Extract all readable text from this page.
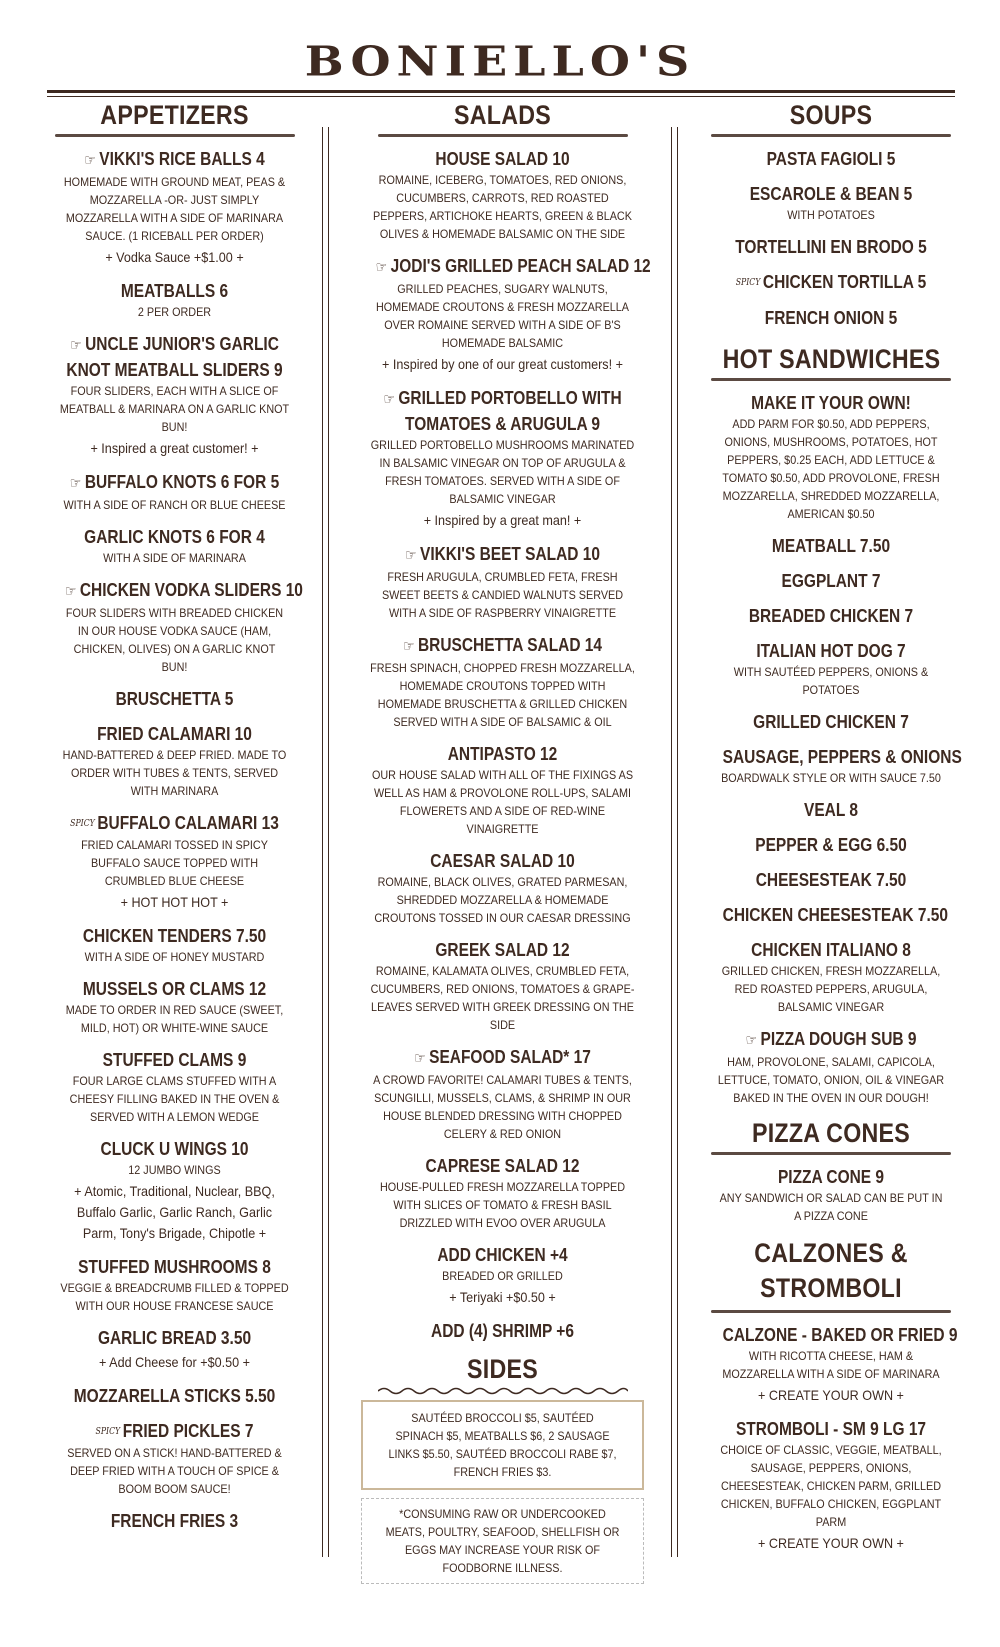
BONIELLO'S
APPETIZERS
☞ VIKKI'S RICE BALLS 4
HOMEMADE WITH GROUND MEAT, PEAS & MOZZARELLA -OR- JUST SIMPLY MOZZARELLA WITH A SIDE OF MARINARA SAUCE. (1 RICEBALL PER ORDER)
+ Vodka Sauce +$1.00 +
MEATBALLS 6
2 PER ORDER
☞ UNCLE JUNIOR'S GARLIC KNOT MEATBALL SLIDERS 9
FOUR SLIDERS, EACH WITH A SLICE OF MEATBALL & MARINARA ON A GARLIC KNOT BUN!
+ Inspired a great customer! +
☞ BUFFALO KNOTS 6 FOR 5
WITH A SIDE OF RANCH OR BLUE CHEESE
GARLIC KNOTS 6 FOR 4
WITH A SIDE OF MARINARA
☞ CHICKEN VODKA SLIDERS 10
FOUR SLIDERS WITH BREADED CHICKEN IN OUR HOUSE VODKA SAUCE (HAM, CHICKEN, OLIVES) ON A GARLIC KNOT BUN!
BRUSCHETTA 5
FRIED CALAMARI 10
HAND-BATTERED & DEEP FRIED. MADE TO ORDER WITH TUBES & TENTS, SERVED WITH MARINARA
SPICY BUFFALO CALAMARI 13
FRIED CALAMARI TOSSED IN SPICY BUFFALO SAUCE TOPPED WITH CRUMBLED BLUE CHEESE
+ HOT HOT HOT +
CHICKEN TENDERS 7.50
WITH A SIDE OF HONEY MUSTARD
MUSSELS OR CLAMS 12
MADE TO ORDER IN RED SAUCE (SWEET, MILD, HOT) OR WHITE-WINE SAUCE
STUFFED CLAMS 9
FOUR LARGE CLAMS STUFFED WITH A CHEESY FILLING BAKED IN THE OVEN & SERVED WITH A LEMON WEDGE
CLUCK U WINGS 10
12 JUMBO WINGS
+ Atomic, Traditional, Nuclear, BBQ, Buffalo Garlic, Garlic Ranch, Garlic Parm, Tony's Brigade, Chipotle +
STUFFED MUSHROOMS 8
VEGGIE & BREADCRUMB FILLED & TOPPED WITH OUR HOUSE FRANCESE SAUCE
GARLIC BREAD 3.50
+ Add Cheese for +$0.50 +
MOZZARELLA STICKS 5.50
SPICY FRIED PICKLES 7
SERVED ON A STICK! HAND-BATTERED & DEEP FRIED WITH A TOUCH OF SPICE & BOOM BOOM SAUCE!
FRENCH FRIES 3
SALADS
HOUSE SALAD 10
ROMAINE, ICEBERG, TOMATOES, RED ONIONS, CUCUMBERS, CARROTS, RED ROASTED PEPPERS, ARTICHOKE HEARTS, GREEN & BLACK OLIVES & HOMEMADE BALSAMIC ON THE SIDE
☞ JODI'S GRILLED PEACH SALAD 12
GRILLED PEACHES, SUGARY WALNUTS, HOMEMADE CROUTONS & FRESH MOZZARELLA OVER ROMAINE SERVED WITH A SIDE OF B'S HOMEMADE BALSAMIC
+ Inspired by one of our great customers! +
☞ GRILLED PORTOBELLO WITH TOMATOES & ARUGULA 9
GRILLED PORTOBELLO MUSHROOMS MARINATED IN BALSAMIC VINEGAR ON TOP OF ARUGULA & FRESH TOMATOES. SERVED WITH A SIDE OF BALSAMIC VINEGAR
+ Inspired by a great man! +
☞ VIKKI'S BEET SALAD 10
FRESH ARUGULA, CRUMBLED FETA, FRESH SWEET BEETS & CANDIED WALNUTS SERVED WITH A SIDE OF RASPBERRY VINAIGRETTE
☞ BRUSCHETTA SALAD 14
FRESH SPINACH, CHOPPED FRESH MOZZARELLA, HOMEMADE CROUTONS TOPPED WITH HOMEMADE BRUSCHETTA & GRILLED CHICKEN SERVED WITH A SIDE OF BALSAMIC & OIL
ANTIPASTO 12
OUR HOUSE SALAD WITH ALL OF THE FIXINGS AS WELL AS HAM & PROVOLONE ROLL-UPS, SALAMI FLOWERETS AND A SIDE OF RED-WINE VINAIGRETTE
CAESAR SALAD 10
ROMAINE, BLACK OLIVES, GRATED PARMESAN, SHREDDED MOZZARELLA & HOMEMADE CROUTONS TOSSED IN OUR CAESAR DRESSING
GREEK SALAD 12
ROMAINE, KALAMATA OLIVES, CRUMBLED FETA, CUCUMBERS, RED ONIONS, TOMATOES & GRAPE-LEAVES SERVED WITH GREEK DRESSING ON THE SIDE
☞ SEAFOOD SALAD* 17
A CROWD FAVORITE! CALAMARI TUBES & TENTS, SCUNGILLI, MUSSELS, CLAMS, & SHRIMP IN OUR HOUSE BLENDED DRESSING WITH CHOPPED CELERY & RED ONION
CAPRESE SALAD 12
HOUSE-PULLED FRESH MOZZARELLA TOPPED WITH SLICES OF TOMATO & FRESH BASIL DRIZZLED WITH EVOO OVER ARUGULA
ADD CHICKEN +4
BREADED OR GRILLED
+ Teriyaki +$0.50 +
ADD (4) SHRIMP +6
SIDES
SAUTÉED BROCCOLI $5, SAUTÉED SPINACH $5, MEATBALLS $6, 2 SAUSAGE LINKS $5.50, SAUTÉED BROCCOLI RABE $7, FRENCH FRIES $3.
*CONSUMING RAW OR UNDERCOOKED MEATS, POULTRY, SEAFOOD, SHELLFISH OR EGGS MAY INCREASE YOUR RISK OF FOODBORNE ILLNESS.
SOUPS
PASTA FAGIOLI 5
ESCAROLE & BEAN 5
WITH POTATOES
TORTELLINI EN BRODO 5
SPICY CHICKEN TORTILLA 5
FRENCH ONION 5
HOT SANDWICHES
MAKE IT YOUR OWN!
ADD PARM FOR $0.50, ADD PEPPERS, ONIONS, MUSHROOMS, POTATOES, HOT PEPPERS, $0.25 EACH, ADD LETTUCE & TOMATO $0.50, ADD PROVOLONE, FRESH MOZZARELLA, SHREDDED MOZZARELLA, AMERICAN $0.50
MEATBALL 7.50
EGGPLANT 7
BREADED CHICKEN 7
ITALIAN HOT DOG 7
WITH SAUTÉED PEPPERS, ONIONS & POTATOES
GRILLED CHICKEN 7
SAUSAGE, PEPPERS & ONIONS
BOARDWALK STYLE OR WITH SAUCE 7.50
VEAL 8
PEPPER & EGG 6.50
CHEESESTEAK 7.50
CHICKEN CHEESESTEAK 7.50
CHICKEN ITALIANO 8
GRILLED CHICKEN, FRESH MOZZARELLA, RED ROASTED PEPPERS, ARUGULA, BALSAMIC VINEGAR
☞ PIZZA DOUGH SUB 9
HAM, PROVOLONE, SALAMI, CAPICOLA, LETTUCE, TOMATO, ONION, OIL & VINEGAR BAKED IN THE OVEN IN OUR DOUGH!
PIZZA CONES
PIZZA CONE 9
ANY SANDWICH OR SALAD CAN BE PUT IN A PIZZA CONE
CALZONES & STROMBOLI
CALZONE - BAKED OR FRIED 9
WITH RICOTTA CHEESE, HAM & MOZZARELLA WITH A SIDE OF MARINARA
+ CREATE YOUR OWN +
STROMBOLI - SM 9 LG 17
CHOICE OF CLASSIC, VEGGIE, MEATBALL, SAUSAGE, PEPPERS, ONIONS, CHEESESTEAK, CHICKEN PARM, GRILLED CHICKEN, BUFFALO CHICKEN, EGGPLANT PARM
+ CREATE YOUR OWN +
